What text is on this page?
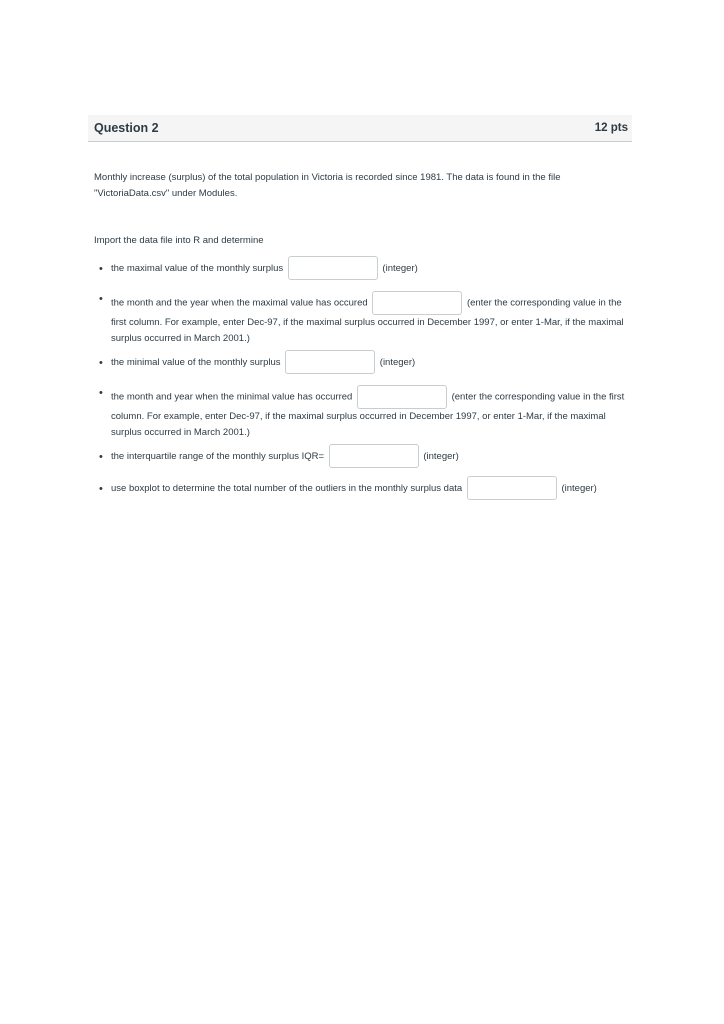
Question 2	12 pts
Monthly increase (surplus) of the total population in Victoria is recorded since 1981. The data is found in the file "VictoriaData.csv" under Modules.
Import the data file into R and determine
• the maximal value of the monthly surplus	(integer)
• the month and the year when the maximal value has occured	(enter the corresponding value in the first column. For example, enter Dec-97, if the maximal surplus occurred in December 1997, or enter 1-Mar, if the maximal surplus occurred in March 2001.)
• the minimal value of the monthly surplus	(integer)
• the month and year when the minimal value has occurred	(enter the corresponding value in the first column. For example, enter Dec-97, if the maximal surplus occurred in December 1997, or enter 1-Mar, if the maximal surplus occurred in March 2001.)
• the interquartile range of the monthly surplus IQR=	(integer)
• use boxplot to determine the total number of the outliers in the monthly surplus data	(integer)
